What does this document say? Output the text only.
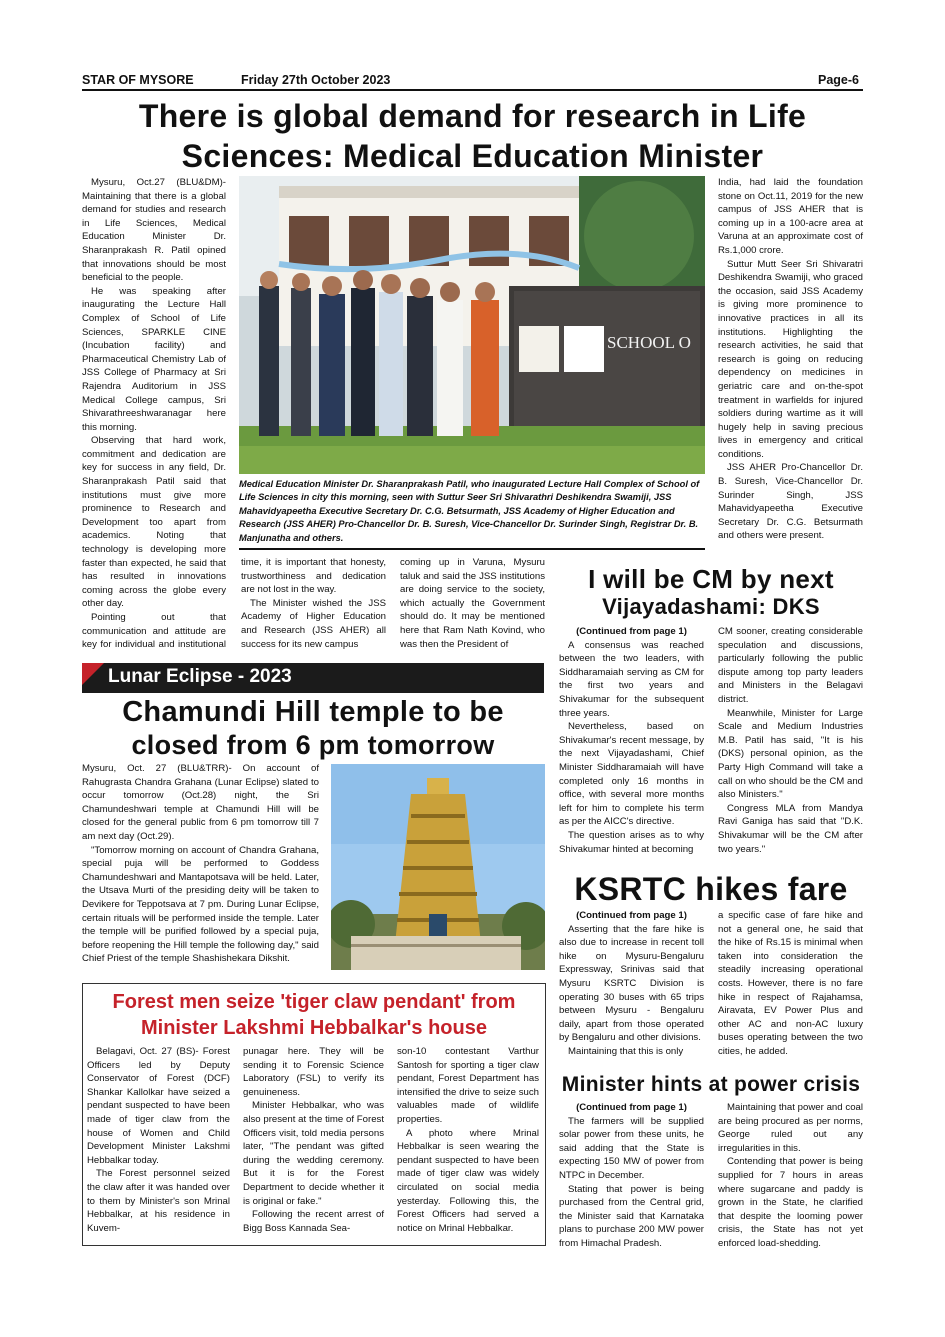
STAR OF MYSORE	Friday 27th October 2023	Page-6
There is global demand for research in Life
Sciences: Medical Education Minister

Mysuru, Oct.27 (BLU&DM)- Maintaining that there is a global demand for studies and research in Life Sciences, Medical Education Minister Dr. Sharanprakash R. Patil opined that innovations should be most beneficial to the people.

He was speaking after inaugurating the Lecture Hall Complex of School of Life Sciences, SPARKLE CINE (Incubation facility) and Pharmaceutical Chemistry Lab of JSS College of Pharmacy at Sri Rajendra Auditorium in JSS Medical College campus, Sri Shivarathreeshwaranagar here this morning.

Observing that hard work, commitment and dedication are key for success in any field, Dr. Sharanprakash Patil said that institutions must give more prominence to Research and Development too apart from academics. Noting that technology is developing more faster than expected, he said that has resulted in innovations coming across the globe every other day.

Pointing out that communication and attitude are key for individual and institutional

SCHOOL O
Medical Education Minister Dr. Sharanprakash Patil, who inaugurated Lecture Hall Complex of School of Life Sciences in city this morning, seen with Suttur Seer Sri Shivarathri Deshikendra Swamiji, JSS Mahavidyapeetha Executive Secretary Dr. C.G. Betsurmath, JSS Academy of Higher Education and Research (JSS AHER) Pro-Chancellor Dr. B. Suresh, Vice-Chancellor Dr. Surinder Singh, Registrar Dr. B. Manjunatha and others.

time, it is important that honesty, trustworthiness and dedication are not lost in the way.

The Minister wished the JSS Academy of Higher Education and Research (JSS AHER) all success for its new campus

coming up in Varuna, Mysuru taluk and said the JSS institutions are doing service to the society, which actually the Government should do. It may be mentioned here that Ram Nath Kovind, who was then the President of

India, had laid the foundation stone on Oct.11, 2019 for the new campus of JSS AHER that is coming up in a 100-acre area at Varuna at an approximate cost of Rs.1,000 crore.

Suttur Mutt Seer Sri Shivaratri Deshikendra Swamiji, who graced the occasion, said JSS Academy is giving more prominence to innovative practices in all its institutions. Highlighting the research activities, he said that research is going on reducing dependency on medicines in geriatric care and on-the-spot treatment in warfields for injured soldiers during wartime as it will hugely help in saving precious lives in emergency and critical conditions.

JSS AHER Pro-Chancellor Dr. B. Suresh, Vice-Chancellor Dr. Surinder Singh, JSS Mahavidyapeetha Executive Secretary Dr. C.G. Betsurmath and others were present.

I will be CM by next
Vijayadashami: DKS

(Continued from page 1)

A consensus was reached between the two leaders, with Siddharamaiah serving as CM for the first two years and Shivakumar for the subsequent three years.

Nevertheless, based on Shivakumar's recent message, by the next Vijayadashami, Chief Minister Siddharamaiah will have completed only 16 months in office, with several more months left for him to complete his term as per the AICC's directive.

The question arises as to why Shivakumar hinted at becoming

CM sooner, creating considerable speculation and discussions, particularly following the public dispute among top party leaders and Ministers in the Belagavi district.

Meanwhile, Minister for Large Scale and Medium Industries M.B. Patil has said, "It is his (DKS) personal opinion, as the Party High Command will take a call on who should be the CM and also Ministers."

Congress MLA from Mandya Ravi Ganiga has said that "D.K. Shivakumar will be the CM after two years."

Lunar Eclipse - 2023
Chamundi Hill temple to be
closed from 6 pm tomorrow

Mysuru, Oct. 27 (BLU&TRR)- On account of Rahugrasta Chandra Grahana (Lunar Eclipse) slated to occur tomorrow (Oct.28) night, the Sri Chamundeshwari temple at Chamundi Hill will be closed for the general public from 6 pm tomorrow till 7 am next day (Oct.29).

"Tomorrow morning on account of Chandra Grahana, special puja will be performed to Goddess Chamundeshwari and Mantapotsava will be held. Later, the Utsava Murti of the presiding deity will be taken to Devikere for Teppotsava at 7 pm. During Lunar Eclipse, certain rituals will be performed inside the temple. Later the temple will be purified followed by a special puja, before reopening the Hill temple the following day," said Chief Priest of the temple Shashishekara Dikshit.

KSRTC hikes fare

(Continued from page 1)

Asserting that the fare hike is also due to increase in recent toll hike on Mysuru-Bengaluru Expressway, Srinivas said that Mysuru KSRTC Division is operating 30 buses with 65 trips between Mysuru - Bengaluru daily, apart from those operated by Bengaluru and other divisions.

Maintaining that this is only

a specific case of fare hike and not a general one, he said that the hike of Rs.15 is minimal when taken into consideration the steadily increasing operational costs. However, there is no fare hike in respect of Rajahamsa, Airavata, EV Power Plus and other AC and non-AC luxury buses operating between the two cities, he added.

Forest men seize 'tiger claw pendant' from
Minister Lakshmi Hebbalkar's house

Belagavi, Oct. 27 (BS)- Forest Officers led by Deputy Conservator of Forest (DCF) Shankar Kallolkar have seized a pendant suspected to have been made of tiger claw from the house of Women and Child Development Minister Lakshmi Hebbalkar today.

The Forest personnel seized the claw after it was handed over to them by Minister's son Mrinal Hebbalkar, at his residence in Kuvem-

punagar here. They will be sending it to Forensic Science Laboratory (FSL) to verify its genuineness.

Minister Hebbalkar, who was also present at the time of Forest Officers visit, told media persons later, "The pendant was gifted during the wedding ceremony. But it is for the Forest Department to decide whether it is original or fake."

Following the recent arrest of Bigg Boss Kannada Sea-

son-10 contestant Varthur Santosh for sporting a tiger claw pendant, Forest Department has intensified the drive to seize such valuables made of wildlife properties.

A photo where Mrinal Hebbalkar is seen wearing the pendant suspected to have been made of tiger claw was widely circulated on social media yesterday. Following this, the Forest Officers had served a notice on Mrinal Hebbalkar.

Minister hints at power crisis

(Continued from page 1)

The farmers will be supplied solar power from these units, he said adding that the State is expecting 150 MW of power from NTPC in December.

Stating that power is being purchased from the Central grid, the Minister said that Karnataka plans to purchase 200 MW power from Himachal Pradesh.

Maintaining that power and coal are being procured as per norms, George ruled out any irregularities in this.

Contending that power is being supplied for 7 hours in areas where sugarcane and paddy is grown in the State, he clarified that despite the looming power crisis, the State has not yet enforced load-shedding.
